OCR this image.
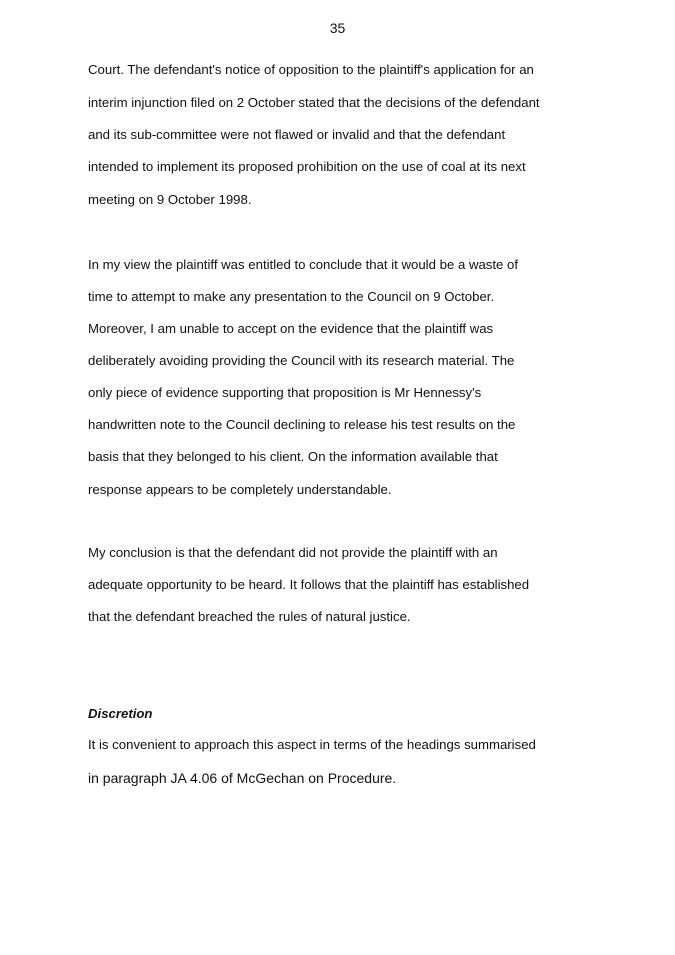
35
Court. The defendant's notice of opposition to the plaintiff's application for an
interim injunction filed on 2 October stated that the decisions of the defendant
and its sub-committee were not flawed or invalid and that the defendant
intended to implement its proposed prohibition on the use of coal at its next
meeting on 9 October 1998.
In my view the plaintiff was entitled to conclude that it would be a waste of
time to attempt to make any presentation to the Council on 9 October.
Moreover, I am unable to accept on the evidence that the plaintiff was
deliberately avoiding providing the Council with its research material. The
only piece of evidence supporting that proposition is Mr Hennessy's
handwritten note to the Council declining to release his test results on the
basis that they belonged to his client. On the information available that
response appears to be completely understandable.
My conclusion is that the defendant did not provide the plaintiff with an
adequate opportunity to be heard. It follows that the plaintiff has established
that the defendant breached the rules of natural justice.
Discretion
It is convenient to approach this aspect in terms of the headings summarised
in paragraph JA 4.06 of McGechan on Procedure.
